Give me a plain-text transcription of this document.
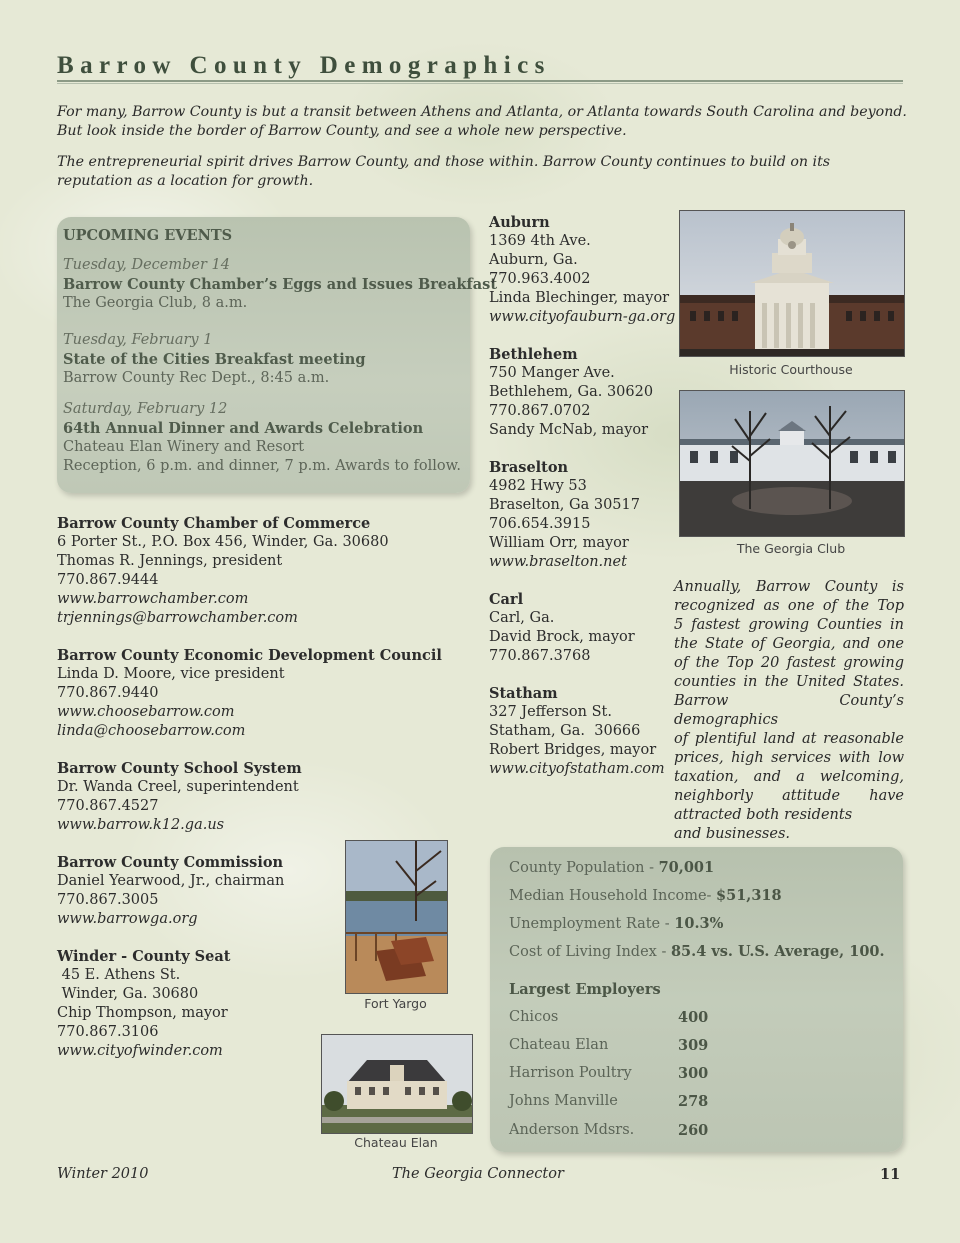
Barrow County Demographics
For many, Barrow County is but a transit between Athens and Atlanta, or Atlanta towards South Carolina and beyond. But look inside the border of Barrow County, and see a whole new perspective.
The entrepreneurial spirit drives Barrow County, and those within. Barrow County continues to build on its reputation as a location for growth.
UPCOMING EVENTS
Tuesday, December 14
Barrow County Chamber’s Eggs and Issues Breakfast
The Georgia Club, 8 a.m.
Tuesday, February 1
State of the Cities Breakfast meeting
Barrow County Rec Dept., 8:45 a.m.
Saturday, February 12
64th Annual Dinner and Awards Celebration
Chateau Elan Winery and Resort
Reception, 6 p.m. and dinner, 7 p.m. Awards to follow.
Barrow County Chamber of Commerce
6 Porter St., P.O. Box 456, Winder, Ga. 30680
Thomas R. Jennings, president
770.867.9444
www.barrowchamber.com
trjennings@barrowchamber.com
Barrow County Economic Development Council
Linda D. Moore, vice president
770.867.9440
www.choosebarrow.com
linda@choosebarrow.com
Barrow County School System
Dr. Wanda Creel, superintendent
770.867.4527
www.barrow.k12.ga.us
Barrow County Commission
Daniel Yearwood, Jr., chairman
770.867.3005
www.barrowga.org
Winder - County Seat
45 E. Athens St.
Winder, Ga. 30680
Chip Thompson, mayor
770.867.3106
www.cityofwinder.com
Auburn
1369 4th Ave.
Auburn, Ga.
770.963.4002
Linda Blechinger, mayor
www.cityofauburn-ga.org
Bethlehem
750 Manger Ave.
Bethlehem, Ga. 30620
770.867.0702
Sandy McNab, mayor
Braselton
4982 Hwy 53
Braselton, Ga 30517
706.654.3915
William Orr, mayor
www.braselton.net
Carl
Carl, Ga.
David Brock, mayor
770.867.3768
Statham
327 Jefferson St.
Statham, Ga.  30666
Robert Bridges, mayor
www.cityofstatham.com
Historic Courthouse
The Georgia Club
Annually, Barrow County is
recognized as one of the Top
5 fastest growing Counties in
the State of Georgia, and one
of the Top 20 fastest growing
counties in the United States.
Barrow County’s demographics
of plentiful land at reasonable
prices, high services with low
taxation, and a welcoming,
neighborly attitude have
attracted both residents
and businesses.
Fort Yargo
Chateau Elan
County Population - 70,001
Median Household Income- $51,318
Unemployment Rate - 10.3%
Cost of Living Index - 85.4 vs. U.S. Average, 100.
Largest Employers
Chicos	400
Chateau Elan	309
Harrison Poultry	300
Johns Manville	278
Anderson Mdsrs.	260
Winter 2010	The Georgia Connector	11
